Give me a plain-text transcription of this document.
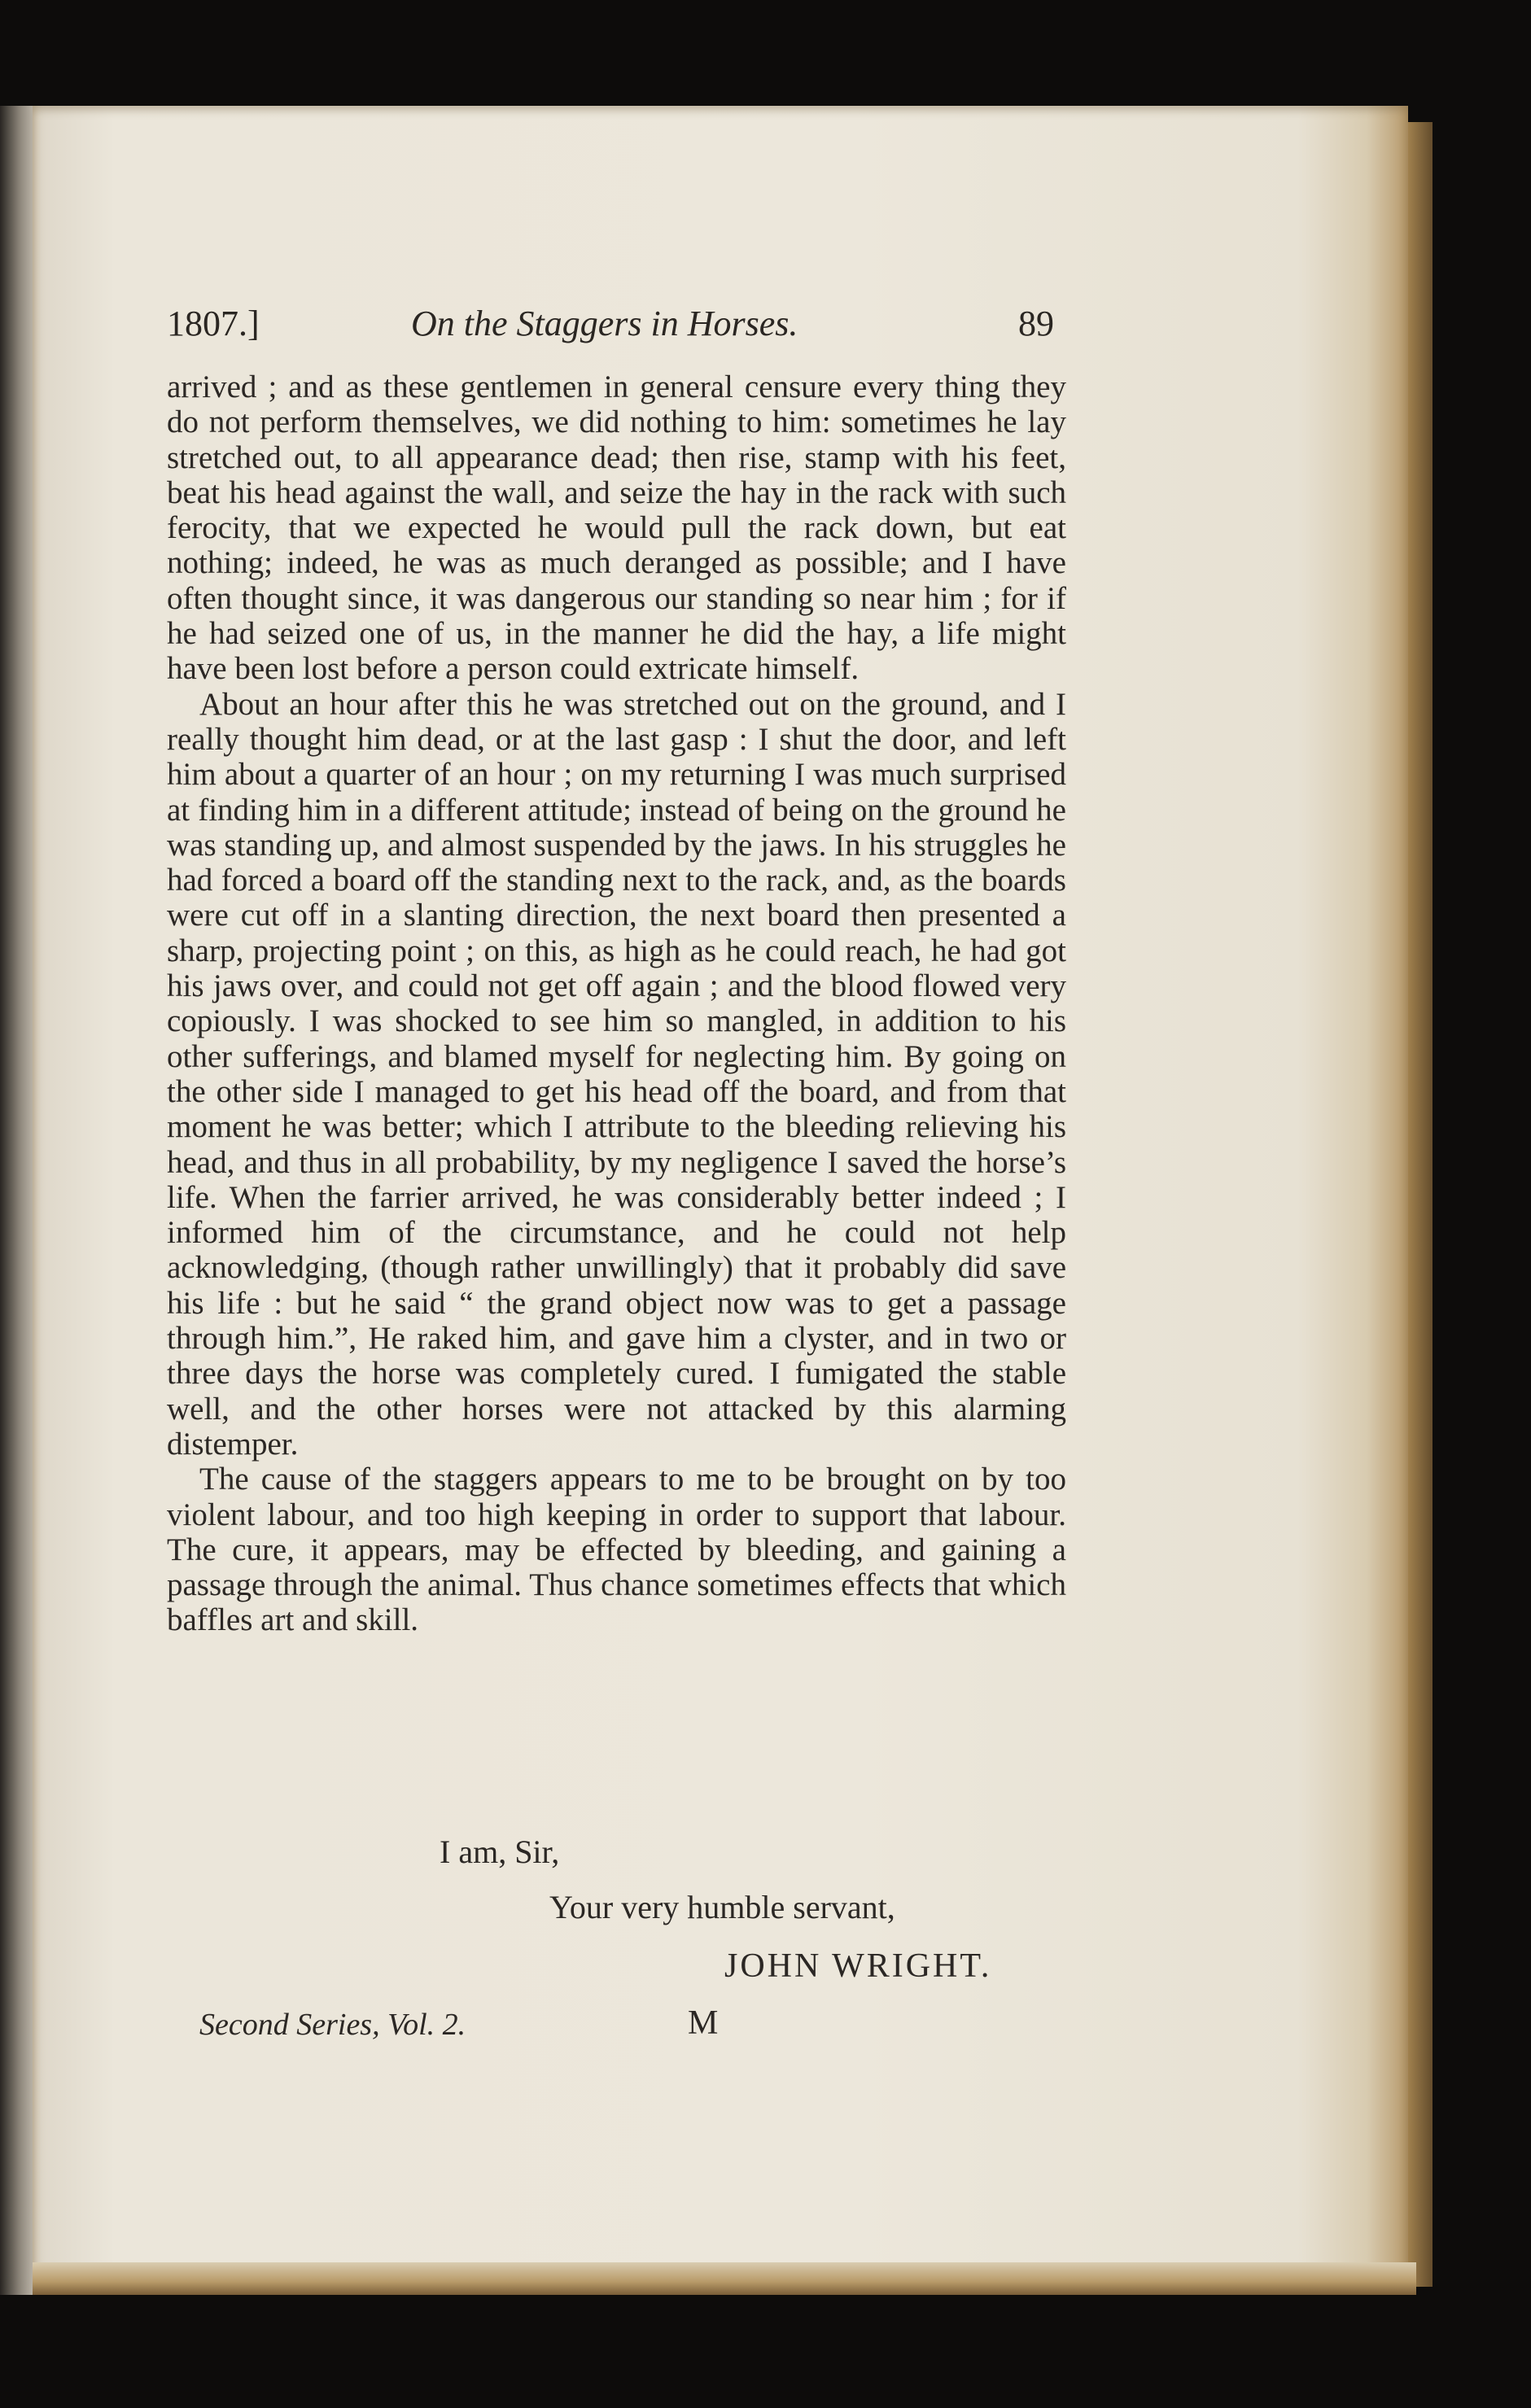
1807.]	On the Staggers in Horses.	89

arrived ; and as these gentlemen in general censure every thing they do not perform themselves, we did nothing to him: sometimes he lay stretched out, to all appearance dead; then rise, stamp with his feet, beat his head against the wall, and seize the hay in the rack with such ferocity, that we expected he would pull the rack down, but eat nothing; indeed, he was as much deranged as possible; and I have often thought since, it was dangerous our standing so near him ; for if he had seized one of us, in the manner he did the hay, a life might have been lost before a person could extricate himself.

About an hour after this he was stretched out on the ground, and I really thought him dead, or at the last gasp : I shut the door, and left him about a quarter of an hour ; on my returning I was much surprised at finding him in a different attitude; instead of being on the ground he was standing up, and almost suspended by the jaws. In his struggles he had forced a board off the standing next to the rack, and, as the boards were cut off in a slanting direction, the next board then presented a sharp, projecting point ; on this, as high as he could reach, he had got his jaws over, and could not get off again ; and the blood flowed very copiously. I was shocked to see him so mangled, in addition to his other sufferings, and blamed myself for neglecting him. By going on the other side I managed to get his head off the board, and from that moment he was better; which I attribute to the bleeding relieving his head, and thus in all probability, by my negligence I saved the horse’s life. When the farrier arrived, he was considerably better indeed ; I informed him of the circumstance, and he could not help acknowledging, (though rather unwillingly) that it probably did save his life : but he said “ the grand object now was to get a passage through him.”, He raked him, and gave him a clyster, and in two or three days the horse was completely cured. I fumigated the stable well, and the other horses were not attacked by this alarming distemper.

The cause of the staggers appears to me to be brought on by too violent labour, and too high keeping in order to support that labour. The cure, it appears, may be effected by bleeding, and gaining a passage through the animal. Thus chance sometimes effects that which baffles art and skill.

I am, Sir,
Your very humble servant,
JOHN WRIGHT.
Second Series, Vol. 2.	M
